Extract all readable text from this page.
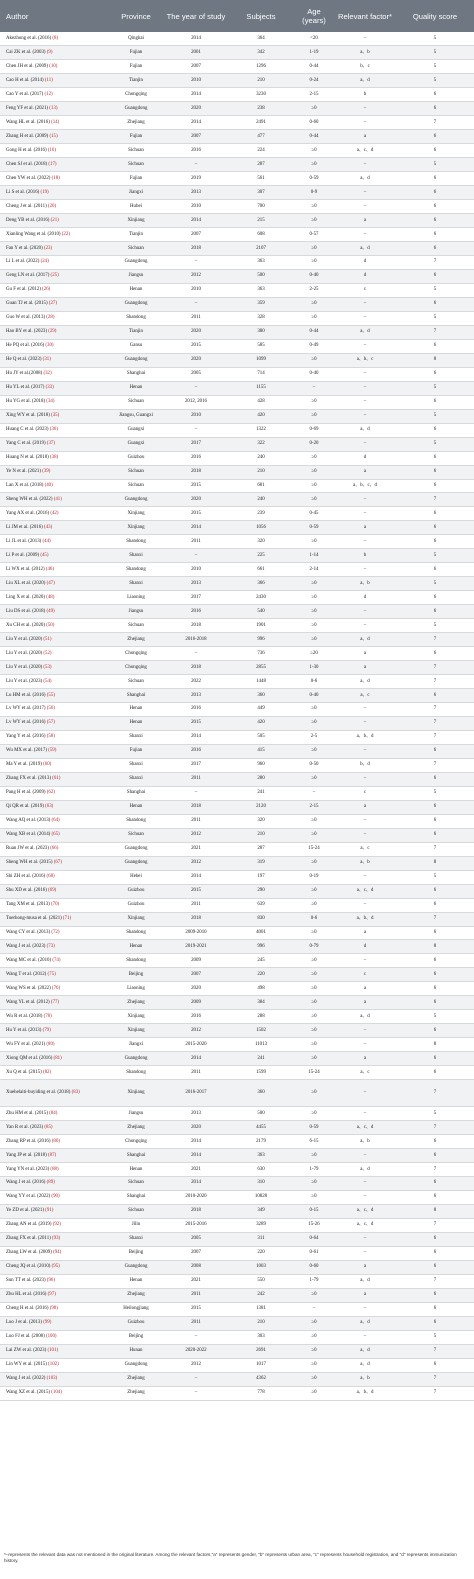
Author	Province	The year of study	Subjects	Age (years)	Relevant factor*	Quality score
Akezhong et al. (2016) (8)	Qinghai	2014	364	<20	–	5
Cai ZK et al. (2003) (9)	Fujian	2001	342	1-19	a、b	5
Chen JH et al. (2009) (10)	Fujian	2007	1296	0-44	b、c	5
Cao H et al. (2014) (11)	Tianjin	2010	210	0-24	a、d	5
Cao Y et al. (2017) (12)	Chongqing	2014	3230	2-15	b	6
Feng YF et al. (2021) (13)	Guangdong	2020	238	≥0	–	6
Wang HL et al. (2016) (14)	Zhejiang	2014	2491	0-60	–	7
Zhang H et al. (2009) (15)	Fujian	2007	477	0-44	a	6
Gong H et al. (2016) (16)	Sichuan	2016	224	≥0	a、c、d	6
Chen SJ et al. (2018) (17)	Sichuan	–	287	≥0	–	5
Chen YW et al. (2022) (18)	Fujian	2019	561	0-59	a、d	6
Li S et al. (2016) (19)	Jiangxi	2013	307	0-9	–	6
Cheng J et al. (2011) (20)	Hubei	2010	700	≥0	–	6
Deng YB et al. (2016) (21)	Xinjiang	2014	215	≥0	a	6
Xianling Wang et al. (2010) (22)	Tianjin	2007	608	0-57	–	6
Fan Y et al. (2020) (23)	Sichuan	2018	2107	≥0	a、d	6
Li L et al. (2022) (24)	Guangdong	–	363	≥0	d	7
Geng LN et al. (2017) (25)	Jiangsu	2012	500	0-40	d	6
Gu F et al. (2012) (26)	Henan	2010	363	2-25	c	5
Guan TJ et al. (2015) (27)	Guangdong	–	359	≥0	–	6
Guo W et al. (2013) (28)	Shandong	2011	328	≥0	–	5
Hao BY et al. (2023) (29)	Tianjin	2020	380	0-44	a、d	7
He PQ et al. (2016) (30)	Gansu	2015	585	0-49	–	6
He Q et al. (2023) (31)	Guangdong	2020	1099	≥0	a、b、c	8
Hu JY et al.(2008) (32)	Shanghai	2005	714	0-40	–	6
Hu YL et al. (2017) (33)	Henan	–	1155	–	–	5
Hu YG et al. (2018) (34)	Sichuan	2012, 2016	428	≥0	–	6
Xing WY et al. (2018) (35)	Jiangsu, Guangxi	2010	420	≥0	–	5
Huang C et al. (2023) (36)	Guangxi	–	1322	0-69	a、d	6
Yang C et al. (2019) (37)	Guangxi	2017	322	0-20	–	5
Huang N et al. (2018) (38)	Guizhou	2016	240	≥0	d	6
Ye N et al. (2021) (39)	Sichuan	2018	210	≥0	a	6
Lan X et al. (2018) (40)	Sichuan	2015	681	≥0	a、b、c、d	6
Sheng WH et al. (2022) (41)	Guangdong	2020	240	≥0	–	7
Yang AX et al. (2016) (42)	Xinjiang	2015	239	0-45	–	6
Li JM et al. (2016) (43)	Xinjiang	2014	1056	0-59	a	6
Li JL et al. (2013) (44)	Shandong	2011	320	≥0	–	6
Li P et al. (2009) (45)	Shanxi	–	225	1-14	b	5
Li WX et al. (2012) (46)	Shandong	2010	661	2-14	–	6
Liu XL et al. (2020) (47)	Shanxi	2013	366	≥0	a、b	5
Ling X et al. (2020) (48)	Liaoning	2017	2430	≥0	d	6
Liu DS et al. (2018) (49)	Jiangsu	2016	540	≥0	–	6
Xu CH et al. (2020) (50)	Sichuan	2018	1901	≥0	–	5
Liu Y et al. (2020) (51)	Zhejiang	2016-2018	996	≥0	a、d	7
Liu Y et al. (2020) (52)	Chongqing	–	736	≥20	a	6
Liu Y et al. (2020) (53)	Chongqing	2018	2855	1-30	a	7
Liu Y et al. (2023) (54)	Sichuan	2022	1448	0-6	a、d	7
Lu HM et al. (2016) (55)	Shanghai	2013	360	0-40	a、c	6
Lv WY et al. (2017) (56)	Henan	2016	449	≥0	–	7
Lv WY et al. (2016) (57)	Henan	2015	420	≥0	–	7
Yang Y et al. (2016) (58)	Shanxi	2014	505	2-5	a、b、d	7
Wu MX et al. (2017) (59)	Fujian	2016	415	≥0	–	6
Ma Y et al. (2019) (60)	Shanxi	2017	960	0-50	b、d	7
Zhang FX et al. (2013) (61)	Shanxi	2011	280	≥0	–	6
Pang H et al. (2009) (62)	Shanghai	–	241	–	c	5
Qi QR et al. (2019) (63)	Henan	2018	2120	2-15	a	6
Wang AQ et al. (2013) (64)	Shandong	2011	320	≥0	–	6
Wang XB et al. (2014) (65)	Sichuan	2012	210	≥0	–	6
Ruan JW et al. (2023) (66)	Guangdong	2021	287	15-24	a、c	7
Sheng WH et al. (2015) (67)	Guangdong	2012	319	≥0	a、b	8
Shi ZH et al. (2016) (68)	Hebei	2014	197	0-19	–	5
Shu XD et al. (2016) (69)	Guizhou	2015	290	≥0	a、c、d	6
Tang XM et al. (2013) (70)	Guizhou	2011	639	≥0	–	6
Tuerhong-musa et al. (2021) (71)	Xinjiang	2018	830	0-6	a、b、d	7
Wang CY et al. (2013) (72)	Shandong	2009-2010	4001	≥0	a	6
Wang J et al. (2023) (73)	Henan	2019-2021	996	0-79	d	8
Wang MC et al. (2010) (74)	Shandong	2009	245	≥0	–	6
Wang T et al. (2012) (75)	Beijing	2007	220	≥0	c	6
Wang WS et al. (2022) (76)	Liaoning	2020	498	≥0	a	6
Wang YL et al. (2012) (77)	Zhejiang	2009	384	≥0	a	6
Wu R et al. (2018) (78)	Xinjiang	2016	288	≥0	a、d	5
Hu Y et al. (2013) (79)	Xinjiang	2012	1502	≥0	–	6
Wu FY et al. (2021) (80)	Jiangxi	2015-2020	11013	≥0	–	8
Xiong QM et al. (2016) (81)	Guangdong	2014	241	≥0	a	6
Xu Q et al. (2015) (82)	Shandong	2011	1599	15-24	a、c	6
Xuehelaiti-buyiding et al. (2018) (83)	Xinjiang	2016-2017	360	≥0	–	7
Zhu HM et al. (2015) (84)	Jiangsu	2013	500	≥0	–	5
Yan R et al. (2023) (85)	Zhejiang	2020	4455	0-59	a、c、d	7
Zhang RP et al. (2016) (86)	Chongqing	2014	2179	6-15	a、b	6
Yang JP et al. (2018) (87)	Shanghai	2014	363	≥0	–	6
Yang YN et al. (2023) (88)	Henan	2021	630	1-79	a、d	7
Wang J et al. (2016) (89)	Sichuan	2014	310	≥0	–	6
Wang YY et al. (2022) (90)	Shanghai	2010-2020	10828	≥0	–	6
Ye ZD et al. (2021) (91)	Sichuan	2018	349	0-15	a、c、d	8
Zhang AN et al. (2019) (92)	Jilin	2015-2016	3289	15-26	a、c、d	7
Zhang FX et al. (2011) (93)	Shanxi	2005	311	0-64	–	6
Zhang LW et al. (2009) (94)	Beijing	2007	220	0-61	–	6
Cheng JQ et al. (2010) (95)	Guangdong	2008	1003	0-60	a	6
Sun TT et al. (2023) (96)	Henan	2021	550	1-79	a、d	7
Zhu HL et al. (2016) (97)	Zhejiang	2011	242	≥0	a	6
Cheng H et al. (2016) (98)	Heilongjiang	2015	1381	–	–	6
Luo J et al. (2013) (99)	Guizhou	2011	210	≥0	a、d	6
Luo FJ et al. (2008) (100)	Beijing	–	303	≥0	–	5
Lai ZW et al. (2023) (101)	Hunan	2020-2022	2691	≥0	a、d	7
Lin WY et al. (2015) (102)	Guangdong	2012	1017	≥0	a、d	6
Wang J et al. (2022) (103)	Zhejiang	–	4362	≥0	a、b	7
Wang XZ et al. (2015) (104)	Zhejiang	–	778	≥0	a、b、d	7
*–represents the relevant data was not mentioned in the original literature. Among the relevant factors,"a" represents gender, "b" represents urban area, "c" represents household registration, and "d" represents immunization history.
